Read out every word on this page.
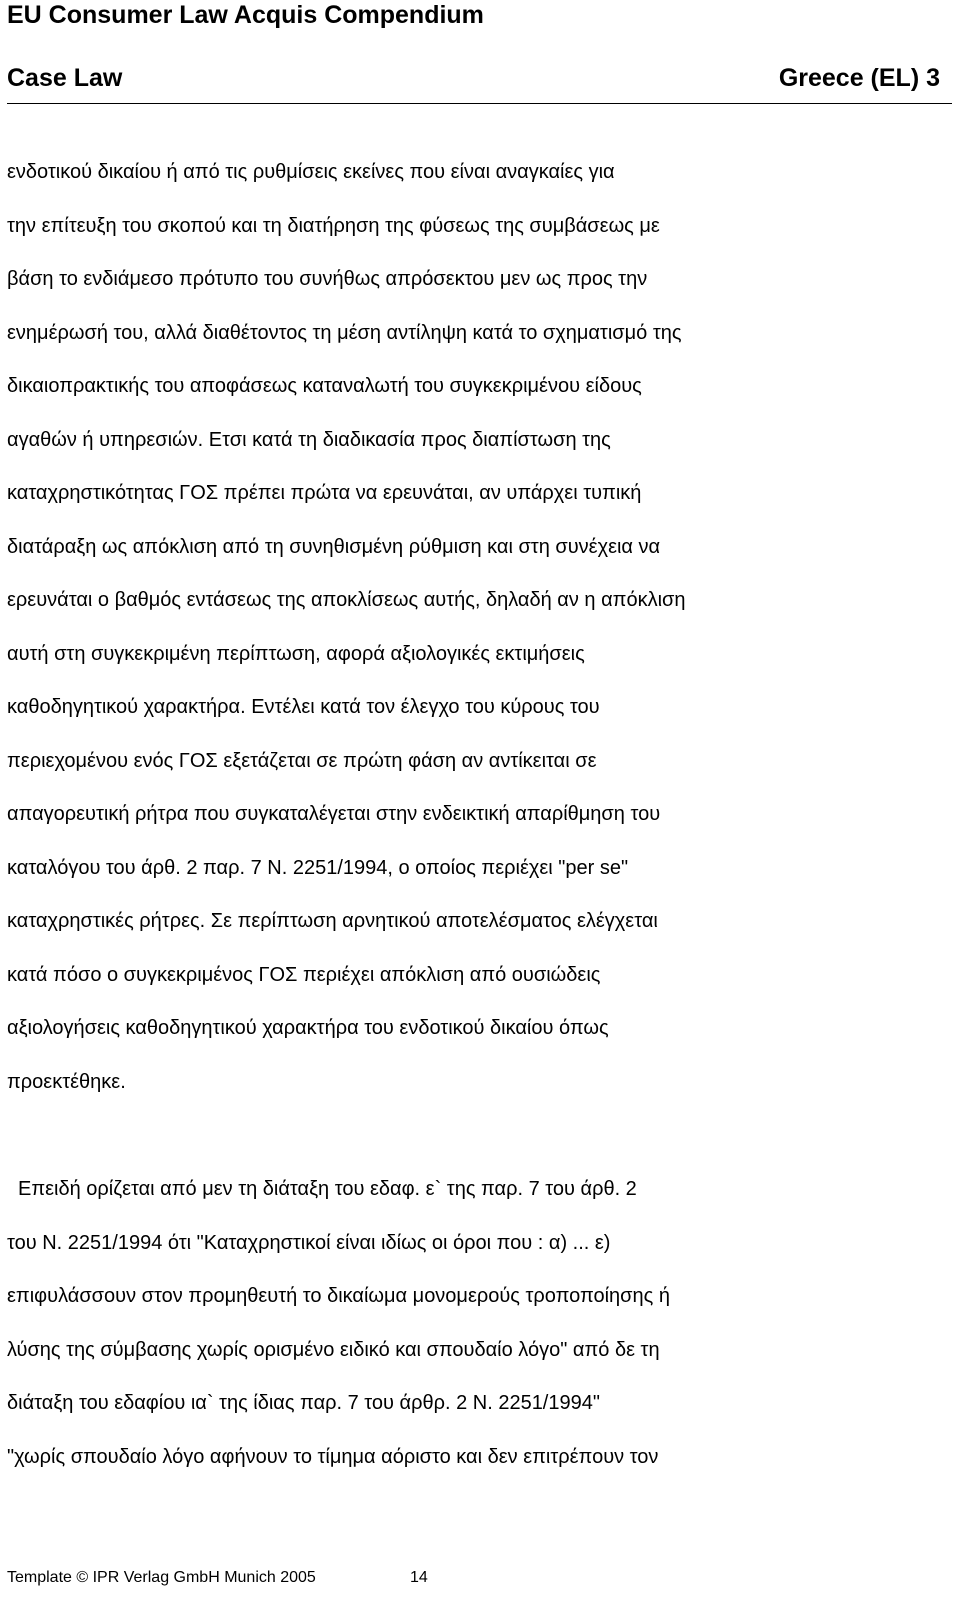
EU Consumer Law Acquis Compendium
Case Law	Greece (EL) 3
ενδοτικού δικαίου ή από τις ρυθμίσεις εκείνες που είναι αναγκαίες για
την επίτευξη του σκοπού και τη διατήρηση της φύσεως της συμβάσεως με
βάση το ενδιάμεσο πρότυπο του συνήθως απρόσεκτου μεν ως προς την
ενημέρωσή του, αλλά διαθέτοντος τη μέση αντίληψη κατά το σχηματισμό της
δικαιοπρακτικής του αποφάσεως καταναλωτή του συγκεκριμένου είδους
αγαθών ή υπηρεσιών. Ετσι κατά τη διαδικασία προς διαπίστωση της
καταχρηστικότητας ΓΟΣ πρέπει πρώτα να ερευνάται, αν υπάρχει τυπική
διατάραξη ως απόκλιση από τη συνηθισμένη ρύθμιση και στη συνέχεια να
ερευνάται ο βαθμός εντάσεως της αποκλίσεως αυτής, δηλαδή αν η απόκλιση
αυτή στη συγκεκριμένη περίπτωση, αφορά αξιολογικές εκτιμήσεις
καθοδηγητικού χαρακτήρα. Εντέλει κατά τον έλεγχο του κύρους του
περιεχομένου ενός ΓΟΣ εξετάζεται σε πρώτη φάση αν αντίκειται σε
απαγορευτική ρήτρα που συγκαταλέγεται στην ενδεικτική απαρίθμηση του
καταλόγου του άρθ. 2 παρ. 7 Ν. 2251/1994, ο οποίος περιέχει "per se"
καταχρηστικές ρήτρες. Σε περίπτωση αρνητικού αποτελέσματος ελέγχεται
κατά πόσο ο συγκεκριμένος ΓΟΣ περιέχει απόκλιση από ουσιώδεις
αξιολογήσεις καθοδηγητικού χαρακτήρα του ενδοτικού δικαίου όπως
προεκτέθηκε.
Επειδή ορίζεται από μεν τη διάταξη του εδαφ. ε` της παρ. 7 του άρθ. 2
του Ν. 2251/1994 ότι "Καταχρηστικοί είναι ιδίως οι όροι που : α) ... ε)
επιφυλάσσουν στον προμηθευτή το δικαίωμα μονομερούς τροποποίησης ή
λύσης της σύμβασης χωρίς ορισμένο ειδικό και σπουδαίο λόγο" από δε τη
διάταξη του εδαφίου ια` της ίδιας παρ. 7 του άρθρ. 2 Ν. 2251/1994"
"χωρίς σπουδαίο λόγο αφήνουν το τίμημα αόριστο και δεν επιτρέπουν τον
Template © IPR Verlag GmbH Munich 2005	14
